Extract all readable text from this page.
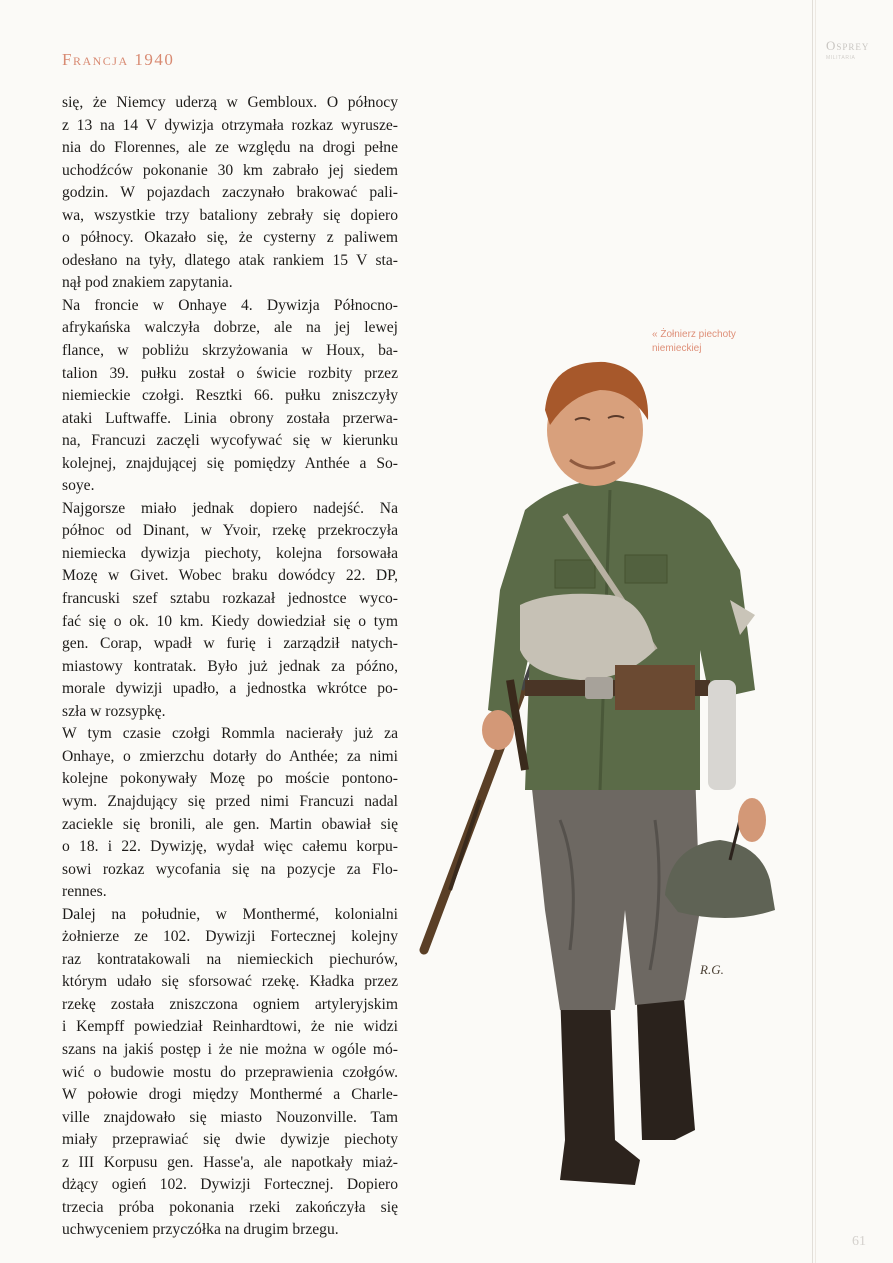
Francja 1940
Osprey
MILITARIA
się, że Niemcy uderzą w Gembloux. O północy
z 13 na 14 V dywizja otrzymała rozkaz wyrusze-
nia do Florennes, ale ze względu na drogi pełne
uchodźców pokonanie 30 km zabrało jej siedem
godzin. W pojazdach zaczynało brakować pali-
wa, wszystkie trzy bataliony zebrały się dopiero
o północy. Okazało się, że cysterny z paliwem
odesłano na tyły, dlatego atak rankiem 15 V sta-
nął pod znakiem zapytania.
Na froncie w Onhaye 4. Dywizja Północno-
afrykańska walczyła dobrze, ale na jej lewej
flance, w pobliżu skrzyżowania w Houx, ba-
talion 39. pułku został o świcie rozbity przez
niemieckie czołgi. Resztki 66. pułku zniszczyły
ataki Luftwaffe. Linia obrony została przerwa-
na, Francuzi zaczęli wycofywać się w kierunku
kolejnej, znajdującej się pomiędzy Anthée a So-
soye.
Najgorsze miało jednak dopiero nadejść. Na
północ od Dinant, w Yvoir, rzekę przekroczyła
niemiecka dywizja piechoty, kolejna forsowała
Mozę w Givet. Wobec braku dowódcy 22. DP,
francuski szef sztabu rozkazał jednostce wyco-
fać się o ok. 10 km. Kiedy dowiedział się o tym
gen. Corap, wpadł w furię i zarządził natych-
miastowy kontratak. Było już jednak za późno,
morale dywizji upadło, a jednostka wkrótce po-
szła w rozsypkę.
W tym czasie czołgi Rommla nacierały już za
Onhaye, o zmierzchu dotarły do Anthée; za nimi
kolejne pokonywały Mozę po moście pontono-
wym. Znajdujący się przed nimi Francuzi nadal
zaciekle się bronili, ale gen. Martin obawiał się
o 18. i 22. Dywizję, wydał więc całemu korpu-
sowi rozkaz wycofania się na pozycje za Flo-
rennes.
Dalej na południe, w Monthermé, kolonialni
żołnierze ze 102. Dywizji Fortecznej kolejny
raz kontratakowali na niemieckich piechurów,
którym udało się sforsować rzekę. Kładka przez
rzekę została zniszczona ogniem artyleryjskim
i Kempff powiedział Reinhardtowi, że nie widzi
szans na jakiś postęp i że nie można w ogóle mó-
wić o budowie mostu do przeprawienia czołgów.
W połowie drogi między Monthermé a Charle-
ville znajdowało się miasto Nouzonville. Tam
miały przeprawiać się dwie dywizje piechoty
z III Korpusu gen. Hasse'a, ale napotkały miaż-
dżący ogień 102. Dywizji Fortecznej. Dopiero
trzecia próba pokonania rzeki zakończyła się
uchwyceniem przyczółka na drugim brzegu.
« Żołnierz piechoty niemieckiej
R.G.
61
